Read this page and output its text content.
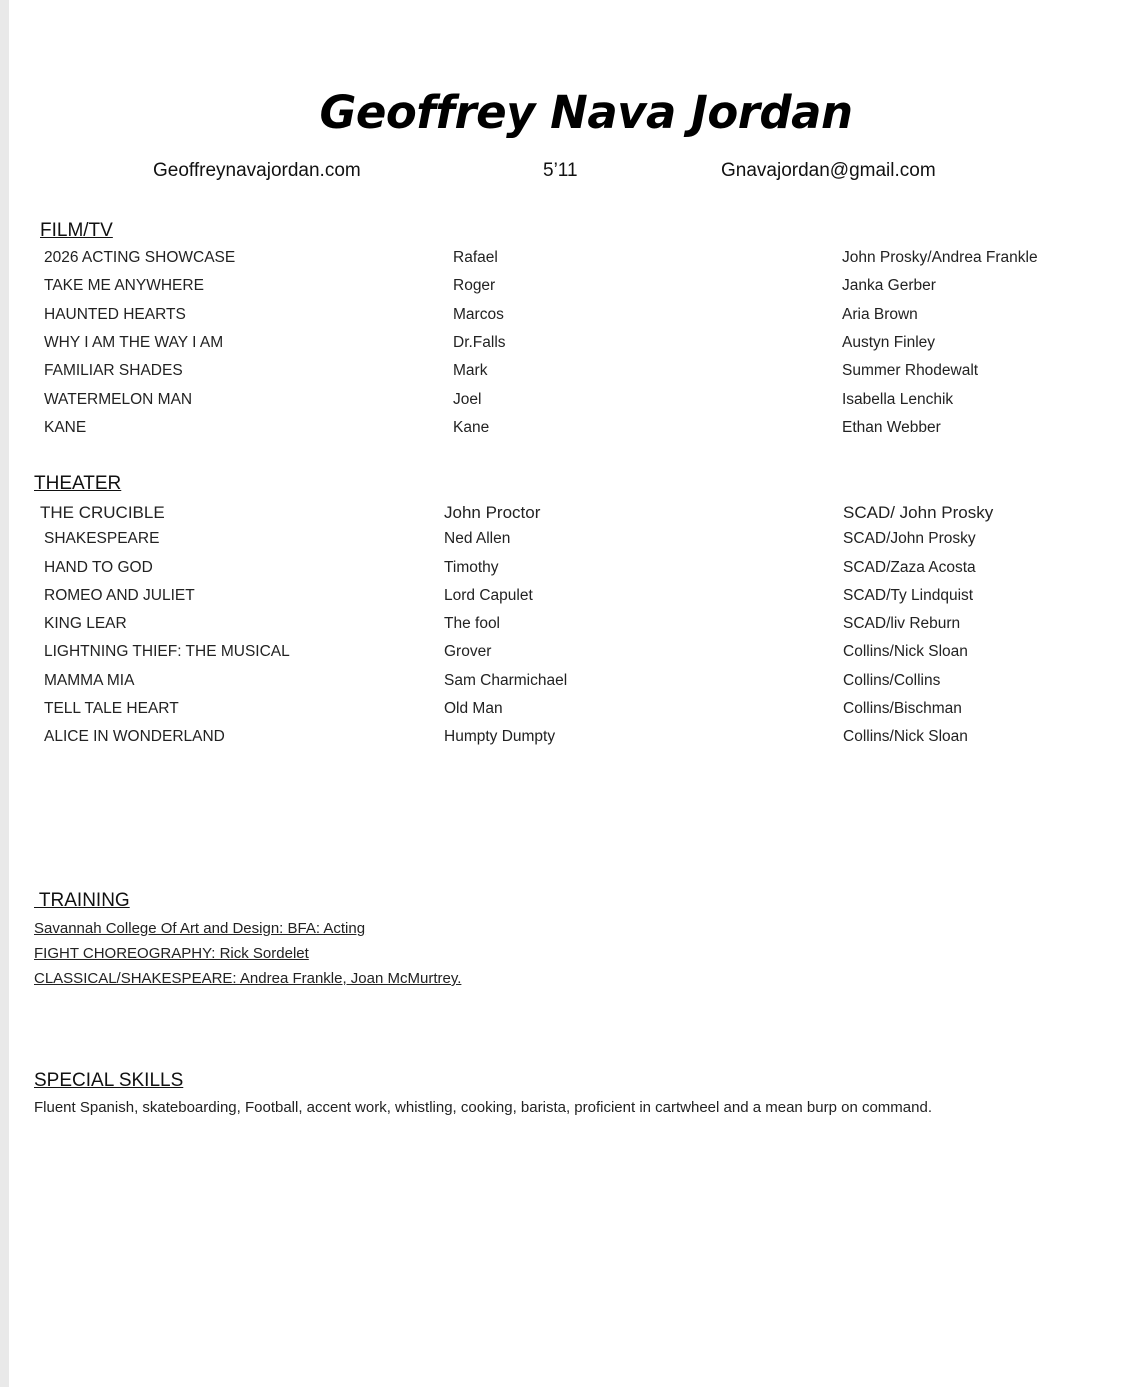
Geoffrey Nava Jordan
Geoffreynavajordan.com	5’11	Gnavajordan@gmail.com
FILM/TV
2026 ACTING SHOWCASE	Rafael	John Prosky/Andrea Frankle
TAKE ME ANYWHERE	Roger	Janka Gerber
HAUNTED HEARTS	Marcos	Aria Brown
WHY I AM THE WAY I AM	Dr.Falls	Austyn Finley
FAMILIAR SHADES	Mark	Summer Rhodewalt
WATERMELON MAN	Joel	Isabella Lenchik
KANE	Kane	Ethan Webber
THEATER
THE CRUCIBLE	John Proctor	SCAD/ John Prosky
SHAKESPEARE	Ned Allen	SCAD/John Prosky
HAND TO GOD	Timothy	SCAD/Zaza Acosta
ROMEO AND JULIET	Lord Capulet	SCAD/Ty Lindquist
KING LEAR	The fool	SCAD/liv Reburn
LIGHTNING THIEF: THE MUSICAL	Grover	Collins/Nick Sloan
MAMMA MIA	Sam Charmichael	Collins/Collins
TELL TALE HEART	Old Man	Collins/Bischman
ALICE IN WONDERLAND	Humpty Dumpty	Collins/Nick Sloan
TRAINING
Savannah College Of Art and Design: BFA: Acting
FIGHT CHOREOGRAPHY: Rick Sordelet
CLASSICAL/SHAKESPEARE: Andrea Frankle, Joan McMurtrey.
SPECIAL SKILLS
Fluent Spanish, skateboarding, Football, accent work, whistling, cooking, barista, proficient in cartwheel and a mean burp on command.
